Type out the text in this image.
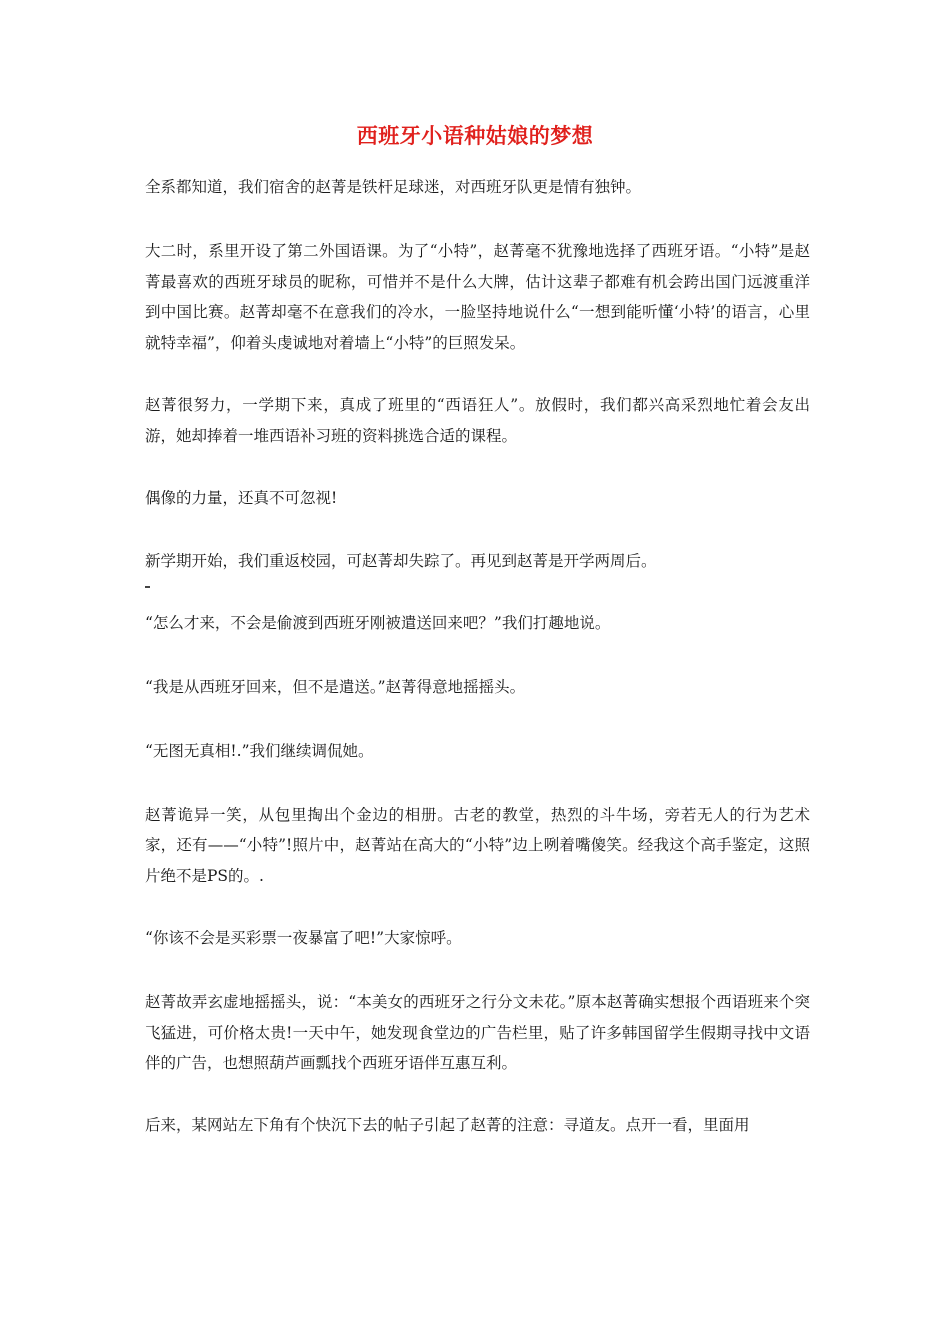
西班牙小语种姑娘的梦想

全系都知道，我们宿舍的赵菁是铁杆足球迷，对西班牙队更是情有独钟。

大二时，系里开设了第二外国语课。为了“小特”，赵菁毫不犹豫地选择了西班牙语。“小特”是赵菁最喜欢的西班牙球员的昵称，可惜并不是什么大牌，估计这辈子都难有机会跨出国门远渡重洋到中国比赛。赵菁却毫不在意我们的冷水，一脸坚持地说什么“一想到能听懂‘小特’的语言，心里就特幸福”，仰着头虔诚地对着墙上“小特”的巨照发呆。

赵菁很努力，一学期下来，真成了班里的“西语狂人”。放假时，我们都兴高采烈地忙着会友出游，她却捧着一堆西语补习班的资料挑选合适的课程。

偶像的力量，还真不可忽视!

新学期开始，我们重返校园，可赵菁却失踪了。再见到赵菁是开学两周后。

“怎么才来，不会是偷渡到西班牙刚被遣送回来吧？”我们打趣地说。

“我是从西班牙回来，但不是遣送。”赵菁得意地摇摇头。

“无图无真相!.”我们继续调侃她。

赵菁诡异一笑，从包里掏出个金边的相册。古老的教堂，热烈的斗牛场，旁若无人的行为艺术家，还有——“小特”!照片中，赵菁站在高大的“小特”边上咧着嘴傻笑。经我这个高手鉴定，这照片绝不是PS的。.

“你该不会是买彩票一夜暴富了吧!”大家惊呼。

赵菁故弄玄虚地摇摇头，说：“本美女的西班牙之行分文未花。”原本赵菁确实想报个西语班来个突飞猛进，可价格太贵!一天中午，她发现食堂边的广告栏里，贴了许多韩国留学生假期寻找中文语伴的广告，也想照葫芦画瓢找个西班牙语伴互惠互利。

后来，某网站左下角有个快沉下去的帖子引起了赵菁的注意：寻道友。点开一看，里面用
